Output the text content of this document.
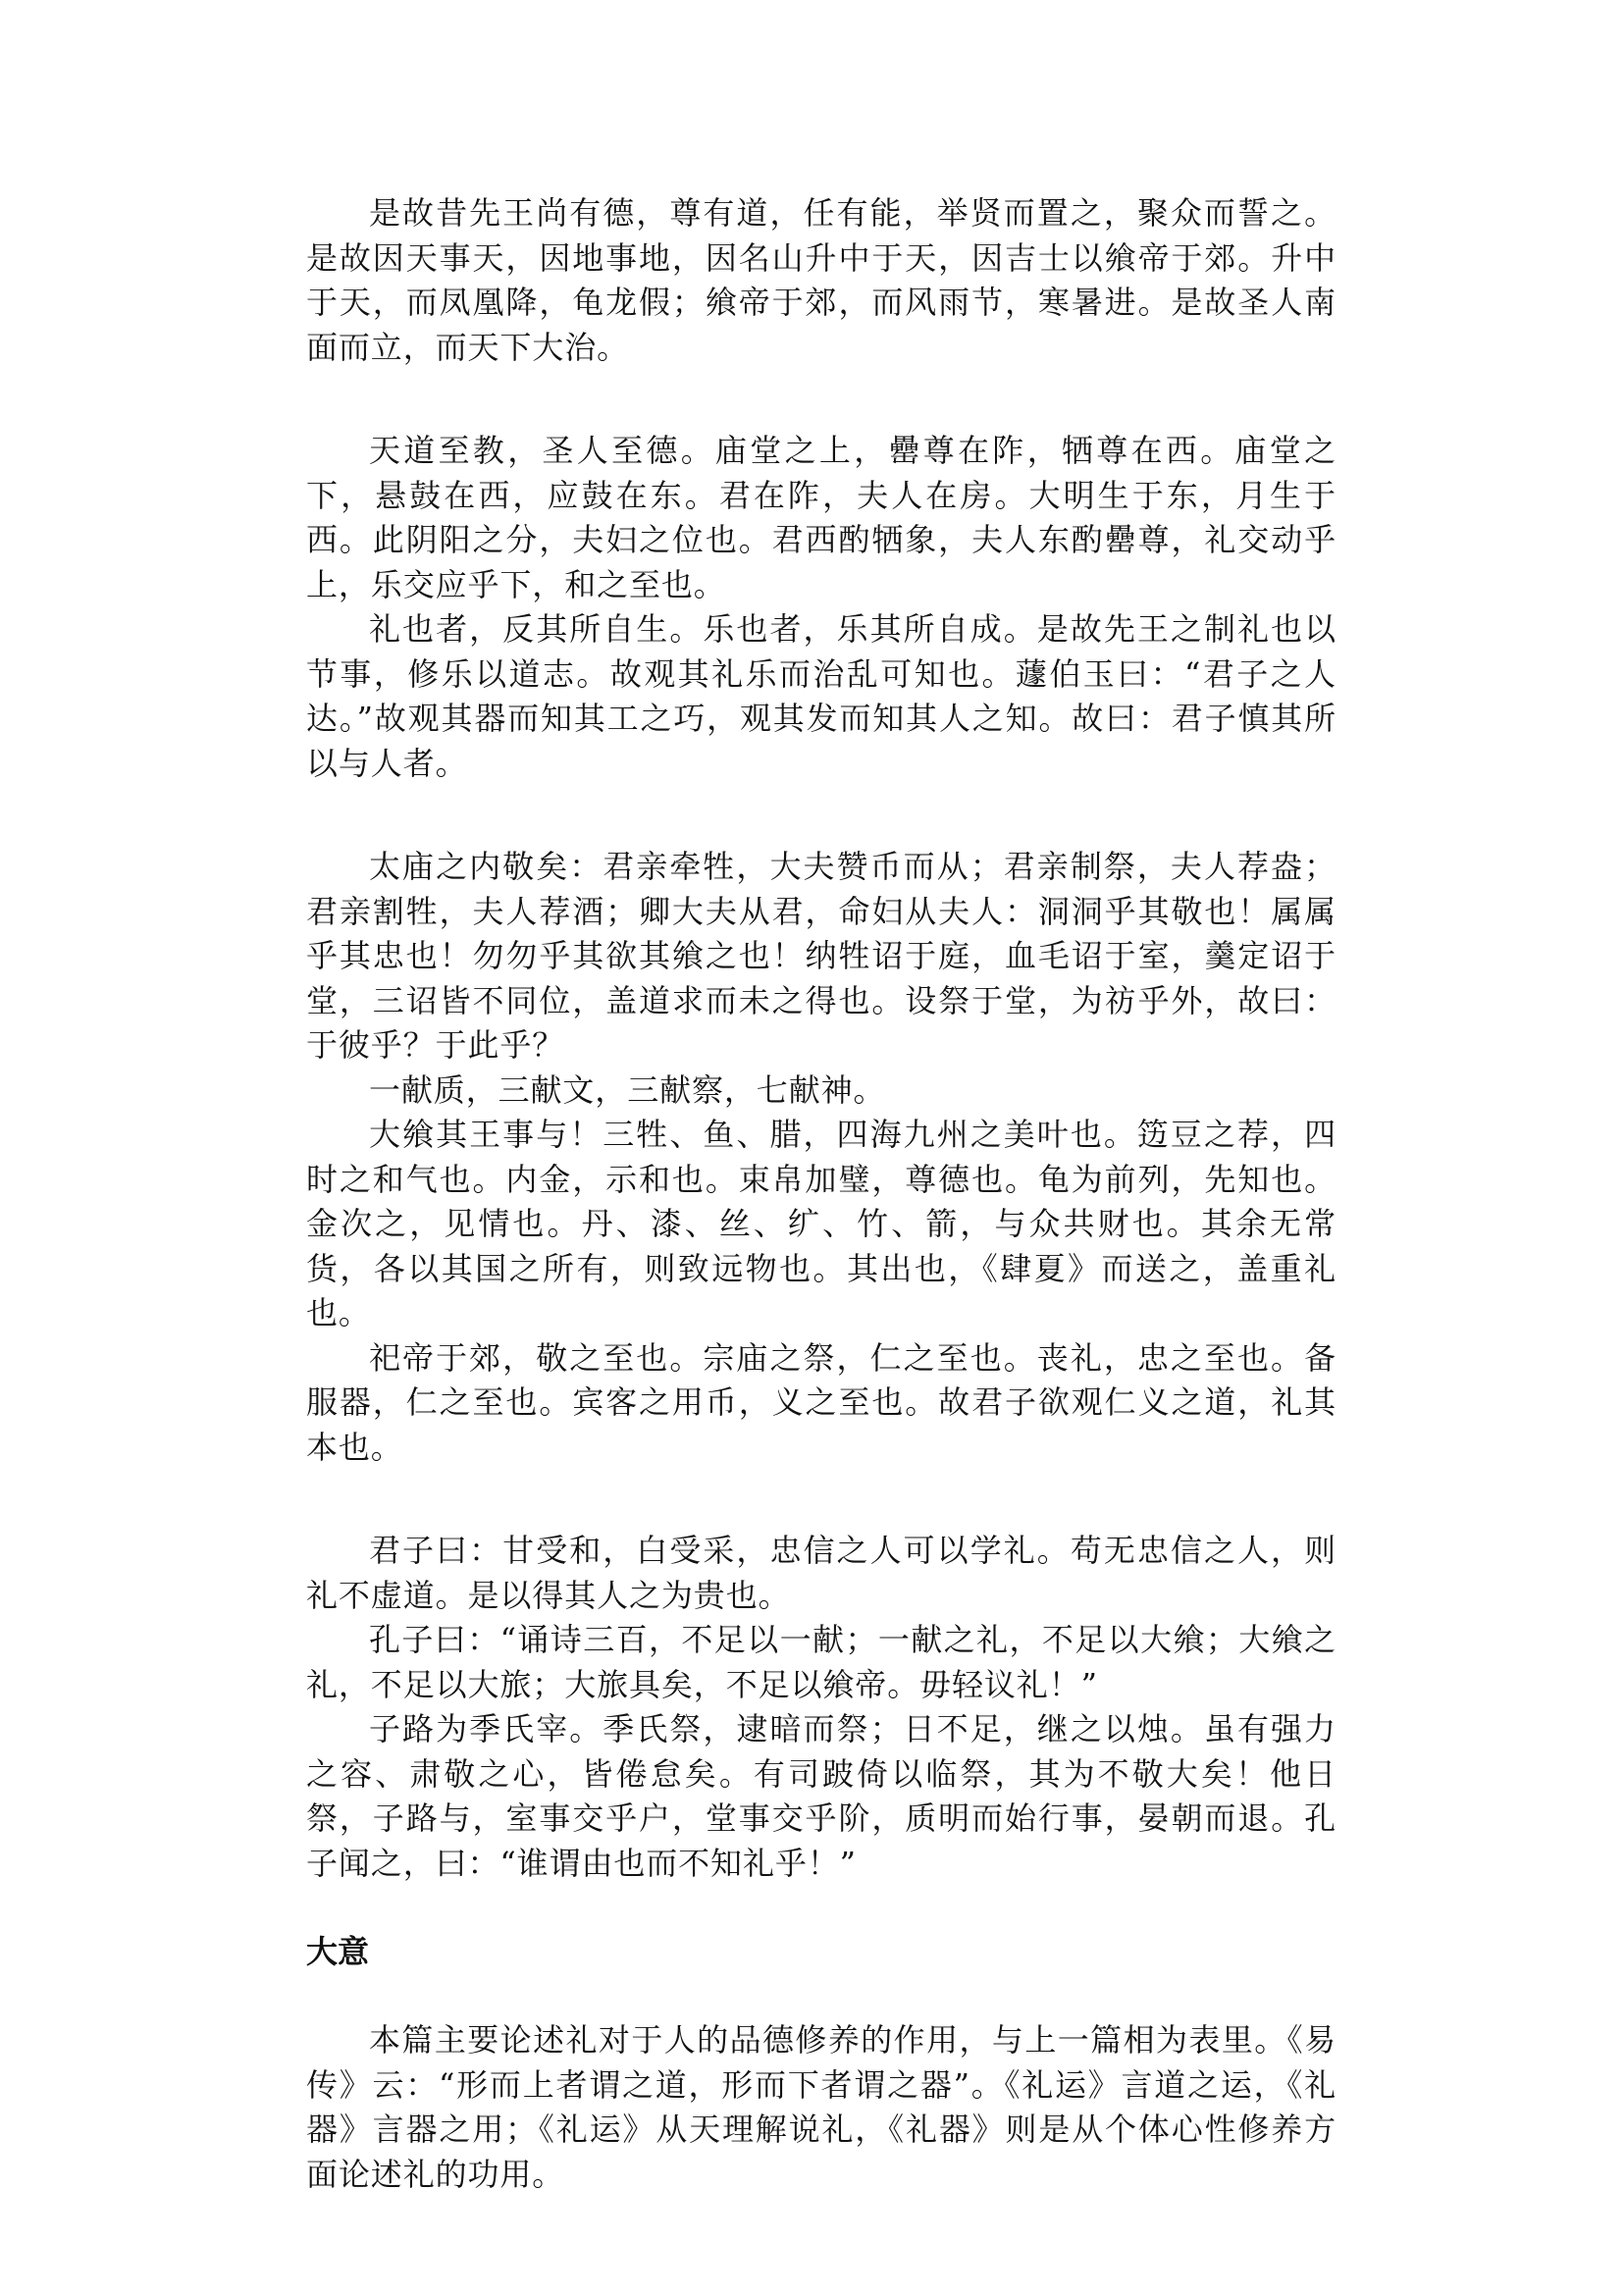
是故昔先王尚有德，尊有道，任有能，举贤而置之，聚众而誓之。是故因天事天，因地事地，因名山升中于天，因吉士以飨帝于郊。升中于天，而凤凰降，龟龙假；飨帝于郊，而风雨节，寒暑进。是故圣人南面而立，而天下大治。

天道至教，圣人至德。庙堂之上，罍尊在阼，牺尊在西。庙堂之下，悬鼓在西，应鼓在东。君在阼，夫人在房。大明生于东，月生于西。此阴阳之分，夫妇之位也。君西酌牺象，夫人东酌罍尊，礼交动乎上，乐交应乎下，和之至也。

礼也者，反其所自生。乐也者，乐其所自成。是故先王之制礼也以节事，修乐以道志。故观其礼乐而治乱可知也。蘧伯玉曰：“君子之人达。”故观其器而知其工之巧，观其发而知其人之知。故曰：君子慎其所以与人者。

太庙之内敬矣：君亲牵牲，大夫赞币而从；君亲制祭，夫人荐盎；君亲割牲，夫人荐酒；卿大夫从君，命妇从夫人：洞洞乎其敬也！属属乎其忠也！勿勿乎其欲其飨之也！纳牲诏于庭，血毛诏于室，羹定诏于堂，三诏皆不同位，盖道求而未之得也。设祭于堂，为祊乎外，故曰：于彼乎？于此乎？

一献质，三献文，三献察，七献神。

大飨其王事与！三牲、鱼、腊，四海九州之美叶也。笾豆之荐，四时之和气也。内金，示和也。束帛加璧，尊德也。龟为前列，先知也。金次之，见情也。丹、漆、丝、纩、竹、箭，与众共财也。其余无常货，各以其国之所有，则致远物也。其出也，《肆夏》而送之，盖重礼也。

祀帝于郊，敬之至也。宗庙之祭，仁之至也。丧礼，忠之至也。备服器，仁之至也。宾客之用币，义之至也。故君子欲观仁义之道，礼其本也。

君子曰：甘受和，白受采，忠信之人可以学礼。苟无忠信之人，则礼不虚道。是以得其人之为贵也。

孔子曰：“诵诗三百，不足以一献；一献之礼，不足以大飨；大飨之礼，不足以大旅；大旅具矣，不足以飨帝。毋轻议礼！”

子路为季氏宰。季氏祭，逮暗而祭；日不足，继之以烛。虽有强力之容、肃敬之心，皆倦怠矣。有司跛倚以临祭，其为不敬大矣！他日祭，子路与，室事交乎户，堂事交乎阶，质明而始行事，晏朝而退。孔子闻之，曰：“谁谓由也而不知礼乎！”

大意

本篇主要论述礼对于人的品德修养的作用，与上一篇相为表里。《易传》云：“形而上者谓之道，形而下者谓之器”。《礼运》言道之运，《礼器》言器之用；《礼运》从天理解说礼，《礼器》则是从个体心性修养方面论述礼的功用。
